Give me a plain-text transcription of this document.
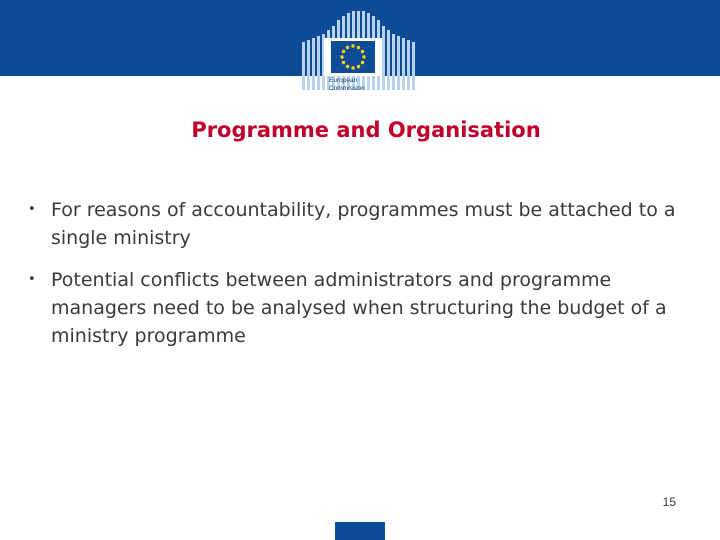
European
Commission
Programme and Organisation
• For reasons of accountability, programmes must be attached to a single ministry
• Potential conflicts between administrators and programme managers need to be analysed when structuring the budget of a ministry programme
15
